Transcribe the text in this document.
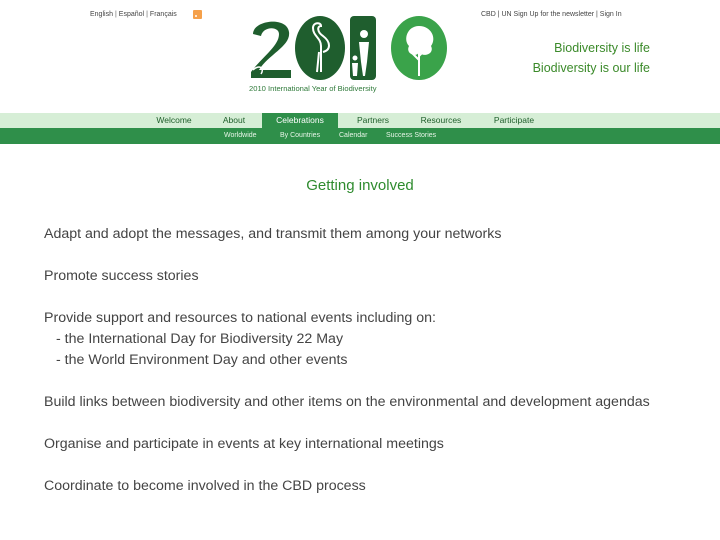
English | Español | Français	CBD | UN Sign Up for the newsletter | Sign In
2010 International Year of Biodiversity
Biodiversity is life
Biodiversity is our life
Welcome	About	Celebrations	Partners	Resources	Participate
Worldwide	By Countries	Calendar	Success Stories
Getting involved

Adapt and adopt the messages, and transmit them among your networks

Promote success stories

Provide support and resources to national events including on:
- the International Day for Biodiversity 22 May
- the World Environment Day and other events

Build links between biodiversity and other items on the environmental and development agendas

Organise and participate in events at key international meetings

Coordinate to become involved in the CBD process
